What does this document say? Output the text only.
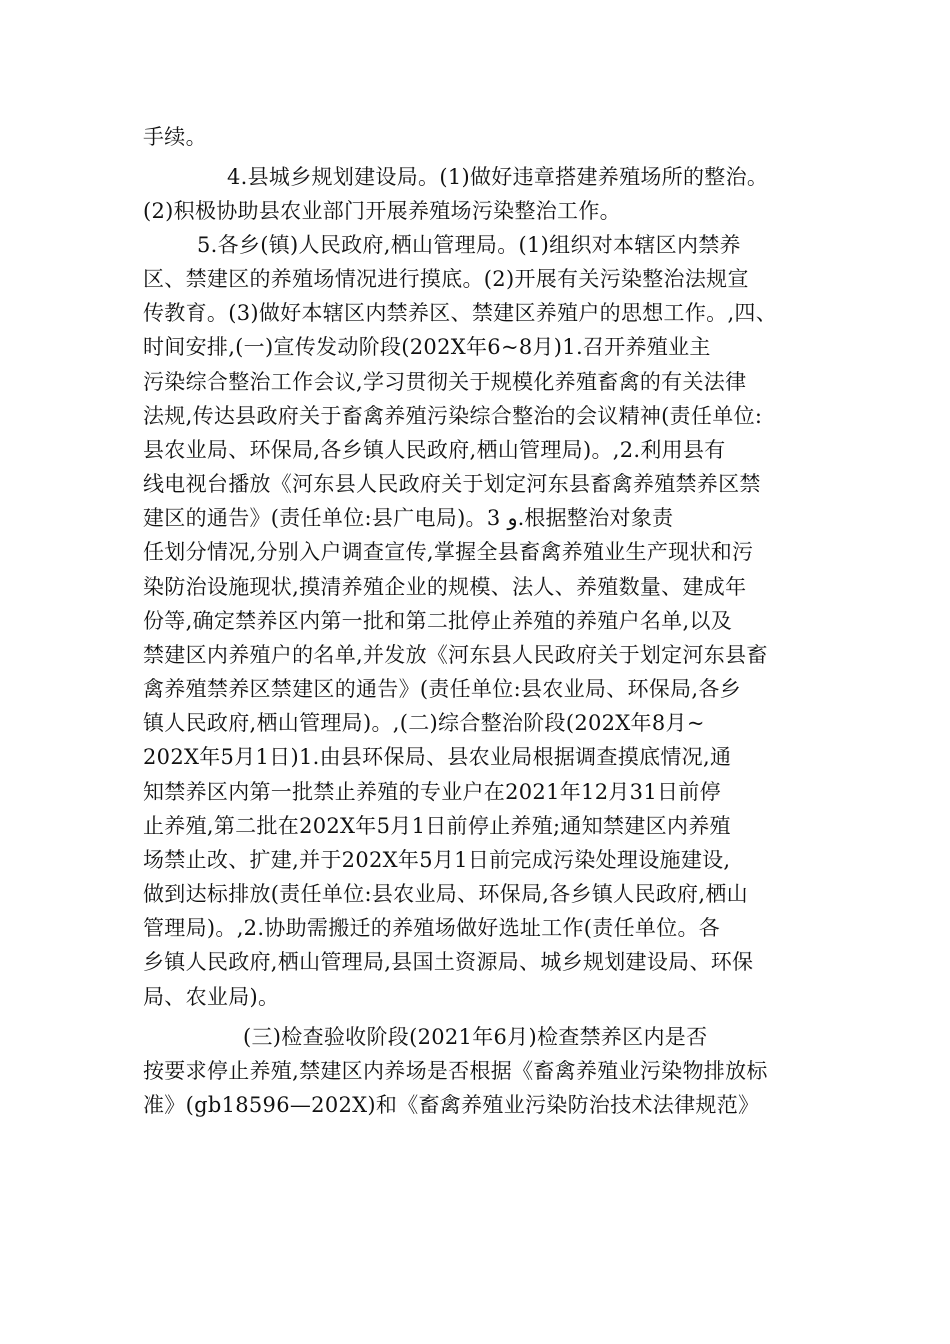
手续。
4.县城乡规划建设局。(1)做好违章搭建养殖场所的整治。
(2)积极协助县农业部门开展养殖场污染整治工作。
5.各乡(镇)人民政府,栖山管理局。(1)组织对本辖区内禁养
区、禁建区的养殖场情况进行摸底。(2)开展有关污染整治法规宣
传教育。(3)做好本辖区内禁养区、禁建区养殖户的思想工作。,四、
时间安排,(一)宣传发动阶段(202X年6~8月)1.召开养殖业主
污染综合整治工作会议,学习贯彻关于规模化养殖畜禽的有关法律
法规,传达县政府关于畜禽养殖污染综合整治的会议精神(责任单位:
县农业局、环保局,各乡镇人民政府,栖山管理局)。,2.利用县有
线电视台播放《河东县人民政府关于划定河东县畜禽养殖禁养区禁
建区的通告》(责任单位:县广电局)。3 و.根据整治对象责
任划分情况,分别入户调查宣传,掌握全县畜禽养殖业生产现状和污
染防治设施现状,摸清养殖企业的规模、法人、养殖数量、建成年
份等,确定禁养区内第一批和第二批停止养殖的养殖户名单,以及
禁建区内养殖户的名单,并发放《河东县人民政府关于划定河东县畜
禽养殖禁养区禁建区的通告》(责任单位:县农业局、环保局,各乡
镇人民政府,栖山管理局)。,(二)综合整治阶段(202X年8月~
202X年5月1日)1.由县环保局、县农业局根据调查摸底情况,通
知禁养区内第一批禁止养殖的专业户在2021年12月31日前停
止养殖,第二批在202X年5月1日前停止养殖;通知禁建区内养殖
场禁止改、扩建,并于202X年5月1日前完成污染处理设施建设,
做到达标排放(责任单位:县农业局、环保局,各乡镇人民政府,栖山
管理局)。,2.协助需搬迁的养殖场做好选址工作(责任单位。各
乡镇人民政府,栖山管理局,县国土资源局、城乡规划建设局、环保
局、农业局)。
(三)检查验收阶段(2021年6月)检查禁养区内是否
按要求停止养殖,禁建区内养场是否根据《畜禽养殖业污染物排放标
准》(gb18596—202X)和《畜禽养殖业污染防治技术法律规范》
